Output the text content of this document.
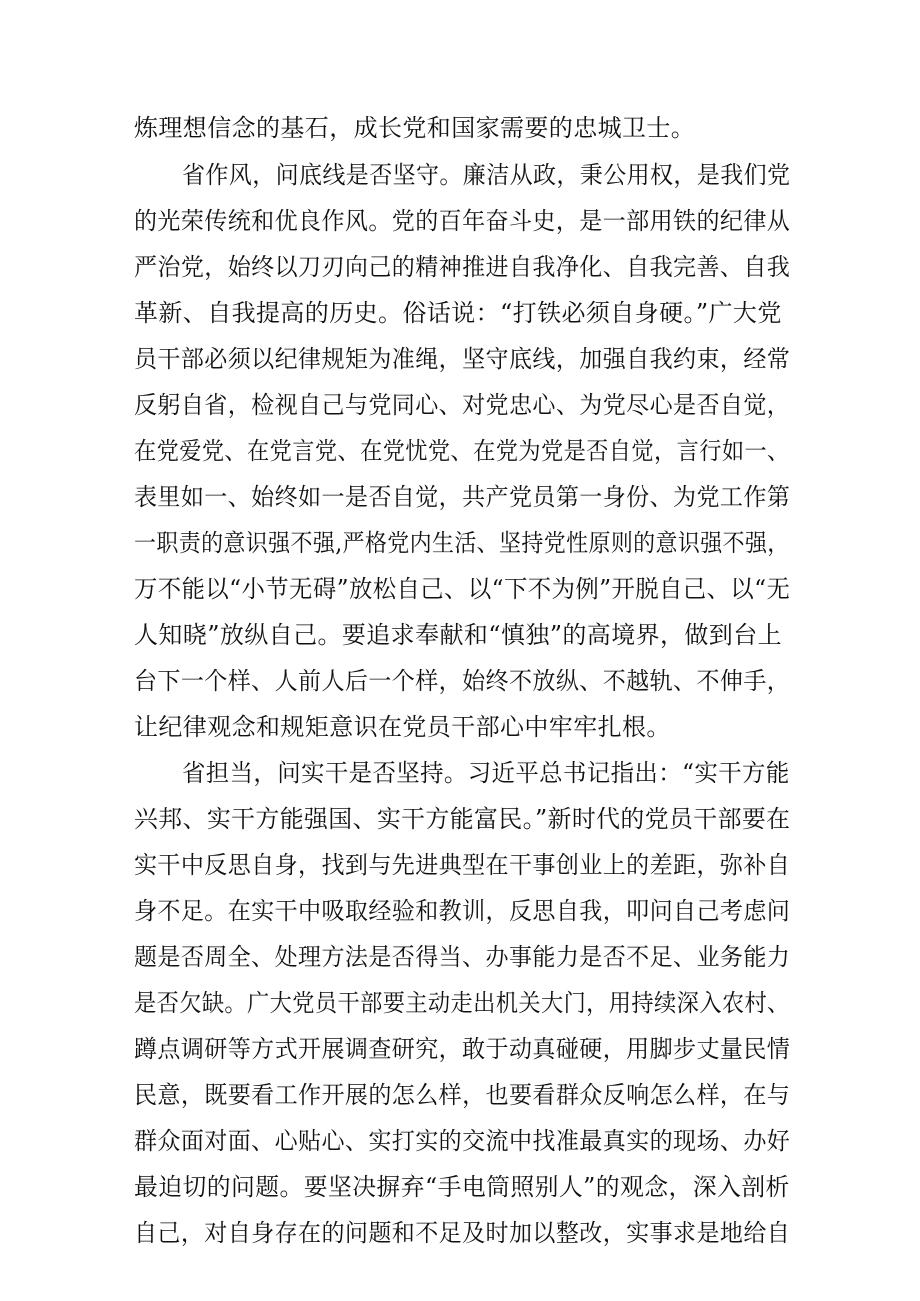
炼理想信念的基石，成长党和国家需要的忠城卫士。
省作风，问底线是否坚守。廉洁从政，秉公用权，是我们党
的光荣传统和优良作风。党的百年奋斗史，是一部用铁的纪律从
严治党，始终以刀刃向己的精神推进自我净化、自我完善、自我
革新、自我提高的历史。俗话说：“打铁必须自身硬。”广大党
员干部必须以纪律规矩为准绳，坚守底线，加强自我约束，经常
反躬自省，检视自己与党同心、对党忠心、为党尽心是否自觉，
在党爱党、在党言党、在党忧党、在党为党是否自觉，言行如一、
表里如一、始终如一是否自觉，共产党员第一身份、为党工作第
一职责的意识强不强,严格党内生活、坚持党性原则的意识强不强，
万不能以“小节无碍”放松自己、以“下不为例”开脱自己、以“无
人知晓”放纵自己。要追求奉献和“慎独”的高境界，做到台上
台下一个样、人前人后一个样，始终不放纵、不越轨、不伸手，
让纪律观念和规矩意识在党员干部心中牢牢扎根。
省担当，问实干是否坚持。习近平总书记指出：“实干方能
兴邦、实干方能强国、实干方能富民。”新时代的党员干部要在
实干中反思自身，找到与先进典型在干事创业上的差距，弥补自
身不足。在实干中吸取经验和教训，反思自我，叩问自己考虑问
题是否周全、处理方法是否得当、办事能力是否不足、业务能力
是否欠缺。广大党员干部要主动走出机关大门，用持续深入农村、
蹲点调研等方式开展调查研究，敢于动真碰硬，用脚步丈量民情
民意，既要看工作开展的怎么样，也要看群众反响怎么样，在与
群众面对面、心贴心、实打实的交流中找准最真实的现场、办好
最迫切的问题。要坚决摒弃“手电筒照别人”的观念，深入剖析
自己，对自身存在的问题和不足及时加以整改，实事求是地给自
